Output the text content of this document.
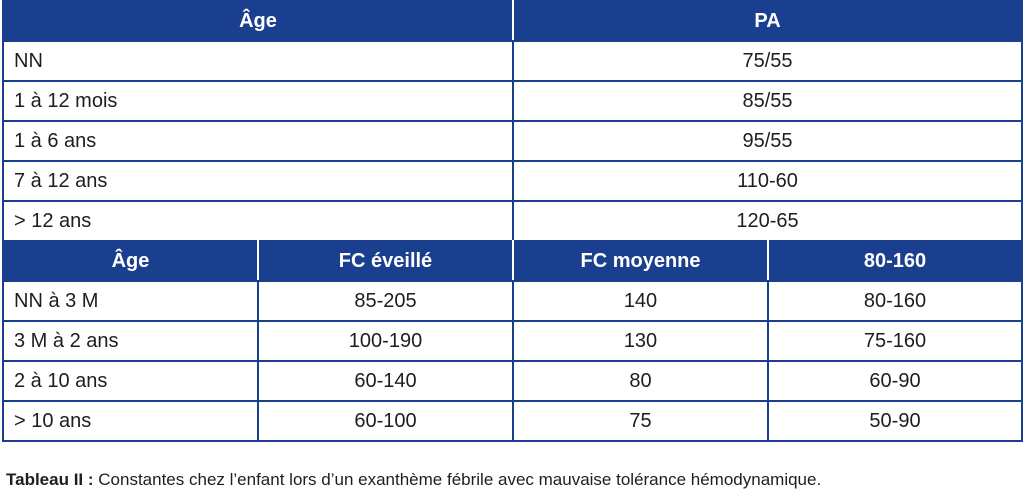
Âge	PA
NN	75/55
1 à 12 mois	85/55
1 à 6 ans	95/55
7 à 12 ans	110-60
> 12 ans	120-65
Âge	FC éveillé	FC moyenne	80-160
NN à 3 M	85-205	140	80-160
3 M à 2 ans	100-190	130	75-160
2 à 10 ans	60-140	80	60-90
> 10 ans	60-100	75	50-90
Tableau II : Constantes chez l’enfant lors d’un exanthème fébrile avec mauvaise tolérance hémodynamique.
